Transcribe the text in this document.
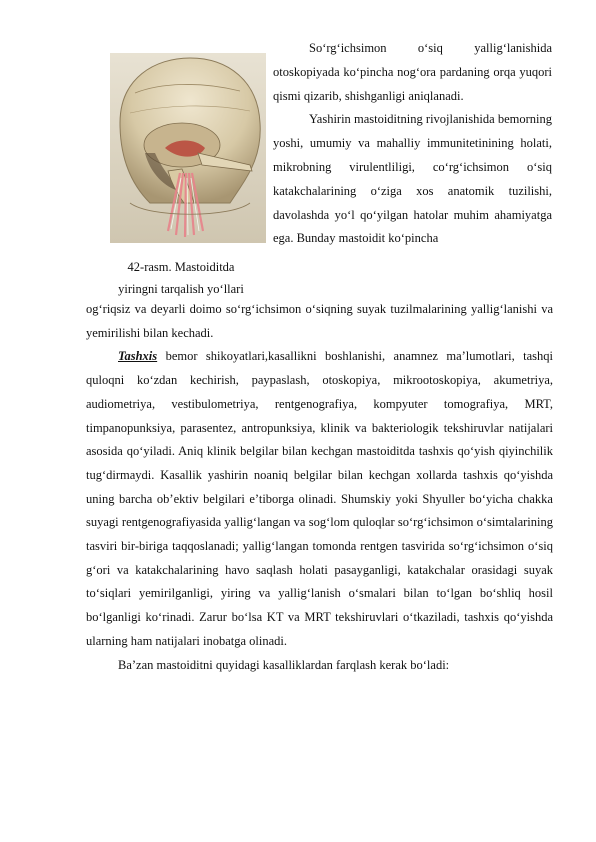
42-rasm. Mastoiditda
yiringni tarqalish yo‘llari

So‘rg‘ichsimon o‘siq yallig‘lanishida otoskopiyada ko‘pincha nog‘ora pardaning orqa yuqori qismi qizarib, shishganligi aniqlanadi.

Yashirin mastoiditning rivojlanishida bemorning yoshi, umumiy va mahalliy immunitetinining holati, mikrobning virulentliligi, co‘rg‘ichsimon o‘siq katakchalarining o‘ziga xos anatomik tuzilishi, davolashda yo‘l qo‘yilgan hatolar muhim ahamiyatga ega. Bunday mastoidit ko‘pincha

og‘riqsiz va deyarli doimo so‘rg‘ichsimon o‘siqning suyak tuzilmalarining yallig‘lanishi va yemirilishi bilan kechadi.

Tashxis bemor shikoyatlari,kasallikni boshlanishi, anamnez ma’lumotlari, tashqi quloqni ko‘zdan kechirish, paypaslash, otoskopiya, mikrootoskopiya, akumetriya, audiometriya, vestibulometriya, rentgenografiya, kompyuter tomografiya, MRT, timpanopunksiya, parasentez, antropunksiya, klinik va bakteriologik tekshiruvlar natijalari asosida qo‘yiladi. Aniq klinik belgilar bilan kechgan mastoiditda tashxis qo‘yish qiyinchilik tug‘dirmaydi. Kasallik yashirin noaniq belgilar bilan kechgan xollarda tashxis qo‘yishda uning barcha ob’ektiv belgilari e’tiborga olinadi. Shumskiy yoki Shyuller bo‘yicha chakka suyagi rentgenografiyasida yallig‘langan va sog‘lom quloqlar so‘rg‘ichsimon o‘simtalarining tasviri bir-biriga taqqoslanadi; yallig‘langan tomonda rentgen tasvirida so‘rg‘ichsimon o‘siq g‘ori va katakchalarining havo saqlash holati pasayganligi, katakchalar orasidagi suyak to‘siqlari yemirilganligi, yiring va yallig‘lanish o‘smalari bilan to‘lgan bo‘shliq hosil bo‘lganligi ko‘rinadi. Zarur bo‘lsa KT va MRT tekshiruvlari o‘tkaziladi, tashxis qo‘yishda ularning ham natijalari inobatga olinadi.

Ba’zan mastoiditni quyidagi kasalliklardan farqlash kerak bo‘ladi:
